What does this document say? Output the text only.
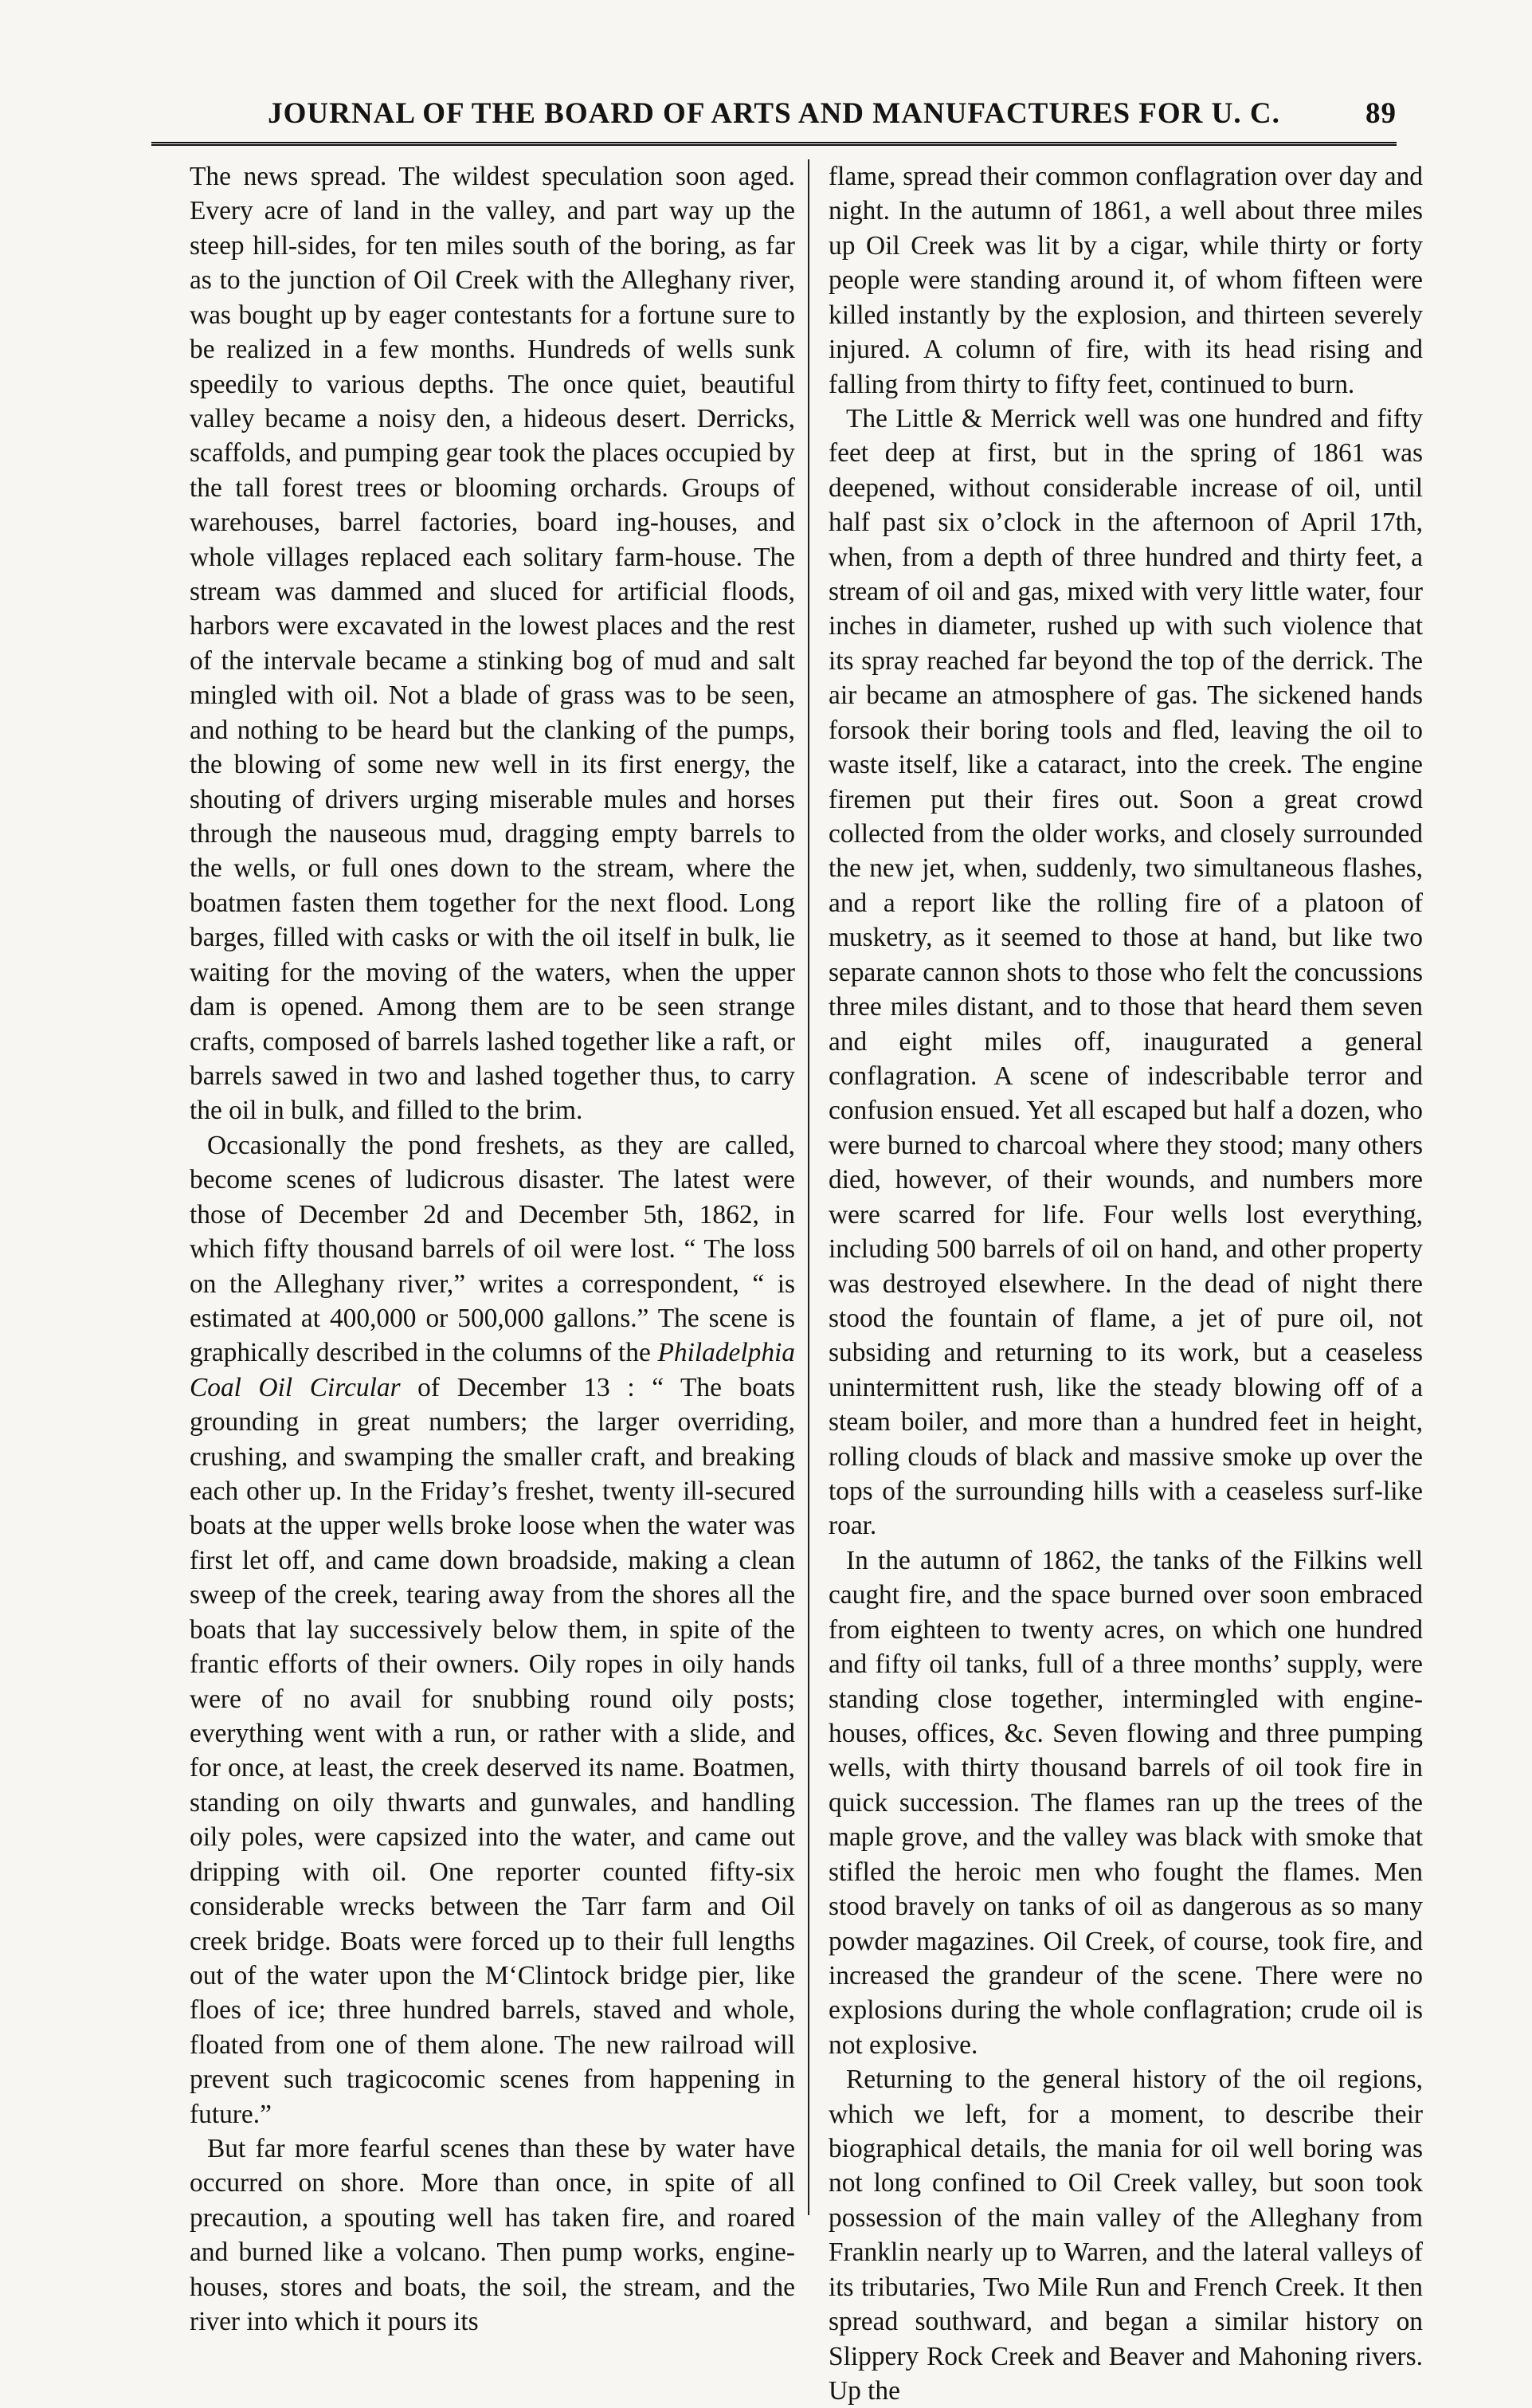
JOURNAL OF THE BOARD OF ARTS AND MANUFACTURES FOR U. C.	89

The news spread. The wildest speculation soon aged. Every acre of land in the valley, and part way up the steep hill-sides, for ten miles south of the boring, as far as to the junction of Oil Creek with the Alleghany river, was bought up by eager contestants for a fortune sure to be realized in a few months. Hundreds of wells sunk speedily to various depths. The once quiet, beautiful valley became a noisy den, a hideous desert. Derricks, scaffolds, and pumping gear took the places occupied by the tall forest trees or blooming orchards. Groups of warehouses, barrel factories, board ing-houses, and whole villages replaced each solitary farm-house. The stream was dammed and sluced for artificial floods, harbors were excavated in the lowest places and the rest of the intervale became a stinking bog of mud and salt mingled with oil. Not a blade of grass was to be seen, and nothing to be heard but the clanking of the pumps, the blowing of some new well in its first energy, the shouting of drivers urging miserable mules and horses through the nauseous mud, dragging empty barrels to the wells, or full ones down to the stream, where the boatmen fasten them together for the next flood. Long barges, filled with casks or with the oil itself in bulk, lie waiting for the moving of the waters, when the upper dam is opened. Among them are to be seen strange crafts, composed of barrels lashed together like a raft, or barrels sawed in two and lashed together thus, to carry the oil in bulk, and filled to the brim.

Occasionally the pond freshets, as they are called, become scenes of ludicrous disaster. The latest were those of December 2d and December 5th, 1862, in which fifty thousand barrels of oil were lost. “ The loss on the Alleghany river,” writes a correspondent, “ is estimated at 400,000 or 500,000 gallons.” The scene is graphically described in the columns of the Philadelphia Coal Oil Circular of December 13 : “ The boats grounding in great numbers; the larger overriding, crushing, and swamping the smaller craft, and breaking each other up. In the Friday’s freshet, twenty ill-secured boats at the upper wells broke loose when the water was first let off, and came down broadside, making a clean sweep of the creek, tearing away from the shores all the boats that lay successively below them, in spite of the frantic efforts of their owners. Oily ropes in oily hands were of no avail for snubbing round oily posts; everything went with a run, or rather with a slide, and for once, at least, the creek deserved its name. Boatmen, standing on oily thwarts and gunwales, and handling oily poles, were capsized into the water, and came out dripping with oil. One reporter counted fifty-six considerable wrecks between the Tarr farm and Oil creek bridge. Boats were forced up to their full lengths out of the water upon the M‘Clintock bridge pier, like floes of ice; three hundred barrels, staved and whole, floated from one of them alone. The new railroad will prevent such tragicocomic scenes from happening in future.”

But far more fearful scenes than these by water have occurred on shore. More than once, in spite of all precaution, a spouting well has taken fire, and roared and burned like a volcano. Then pump works, engine-houses, stores and boats, the soil, the stream, and the river into which it pours its

flame, spread their common conflagration over day and night. In the autumn of 1861, a well about three miles up Oil Creek was lit by a cigar, while thirty or forty people were standing around it, of whom fifteen were killed instantly by the explosion, and thirteen severely injured. A column of fire, with its head rising and falling from thirty to fifty feet, continued to burn.

The Little & Merrick well was one hundred and fifty feet deep at first, but in the spring of 1861 was deepened, without considerable increase of oil, until half past six o’clock in the afternoon of April 17th, when, from a depth of three hundred and thirty feet, a stream of oil and gas, mixed with very little water, four inches in diameter, rushed up with such violence that its spray reached far beyond the top of the derrick. The air became an atmosphere of gas. The sickened hands forsook their boring tools and fled, leaving the oil to waste itself, like a cataract, into the creek. The engine firemen put their fires out. Soon a great crowd collected from the older works, and closely surrounded the new jet, when, suddenly, two simultaneous flashes, and a report like the rolling fire of a platoon of musketry, as it seemed to those at hand, but like two separate cannon shots to those who felt the concussions three miles distant, and to those that heard them seven and eight miles off, inaugurated a general conflagration. A scene of indescribable terror and confusion ensued. Yet all escaped but half a dozen, who were burned to charcoal where they stood; many others died, however, of their wounds, and numbers more were scarred for life. Four wells lost everything, including 500 barrels of oil on hand, and other property was destroyed elsewhere. In the dead of night there stood the fountain of flame, a jet of pure oil, not subsiding and returning to its work, but a ceaseless unintermittent rush, like the steady blowing off of a steam boiler, and more than a hundred feet in height, rolling clouds of black and massive smoke up over the tops of the surrounding hills with a ceaseless surf-like roar.

In the autumn of 1862, the tanks of the Filkins well caught fire, and the space burned over soon embraced from eighteen to twenty acres, on which one hundred and fifty oil tanks, full of a three months’ supply, were standing close together, intermingled with engine-houses, offices, &c. Seven flowing and three pumping wells, with thirty thousand barrels of oil took fire in quick succession. The flames ran up the trees of the maple grove, and the valley was black with smoke that stifled the heroic men who fought the flames. Men stood bravely on tanks of oil as dangerous as so many powder magazines. Oil Creek, of course, took fire, and increased the grandeur of the scene. There were no explosions during the whole conflagration; crude oil is not explosive.

Returning to the general history of the oil regions, which we left, for a moment, to describe their biographical details, the mania for oil well boring was not long confined to Oil Creek valley, but soon took possession of the main valley of the Alleghany from Franklin nearly up to Warren, and the lateral valleys of its tributaries, Two Mile Run and French Creek. It then spread southward, and began a similar history on Slippery Rock Creek and Beaver and Mahoning rivers. Up the
